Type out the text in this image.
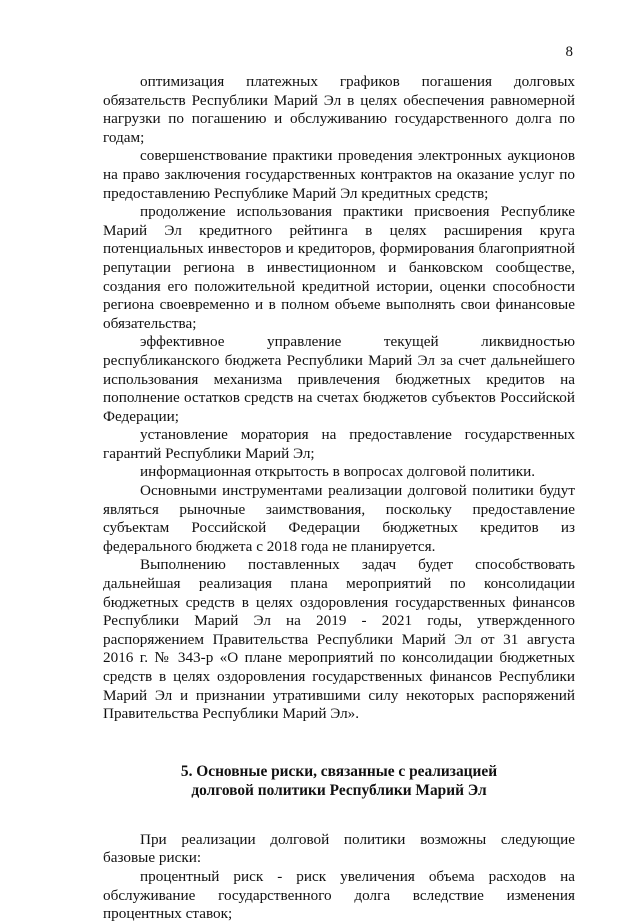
8

оптимизация платежных графиков погашения долговых обязательств Республики Марий Эл в целях обеспечения равномерной нагрузки по погашению и обслуживанию государственного долга по годам;

совершенствование практики проведения электронных аукционов на право заключения государственных контрактов на оказание услуг по предоставлению Республике Марий Эл кредитных средств;

продолжение использования практики присвоения Республике Марий Эл кредитного рейтинга в целях расширения круга потенциальных инвесторов и кредиторов, формирования благоприятной репутации региона в инвестиционном и банковском сообществе, создания его положительной кредитной истории, оценки способности региона своевременно и в полном объеме выполнять свои финансовые обязательства;

эффективное управление текущей ликвидностью республиканского бюджета Республики Марий Эл за счет дальнейшего использования механизма привлечения бюджетных кредитов на пополнение остатков средств на счетах бюджетов субъектов Российской Федерации;

установление моратория на предоставление государственных гарантий Республики Марий Эл;

информационная открытость в вопросах долговой политики.

Основными инструментами реализации долговой политики будут являться рыночные заимствования, поскольку предоставление субъектам Российской Федерации бюджетных кредитов из федерального бюджета с 2018 года не планируется.

Выполнению поставленных задач будет способствовать дальнейшая реализация плана мероприятий по консолидации бюджетных средств в целях оздоровления государственных финансов Республики Марий Эл на 2019 - 2021 годы, утвержденного распоряжением Правительства Республики Марий Эл от 31 августа 2016 г. № 343-р «О плане мероприятий по консолидации бюджетных средств в целях оздоровления государственных финансов Республики Марий Эл и признании утратившими силу некоторых распоряжений Правительства Республики Марий Эл».

5. Основные риски, связанные с реализацией
долговой политики Республики Марий Эл

При реализации долговой политики возможны следующие базовые риски:

процентный риск - риск увеличения объема расходов на обслуживание государственного долга вследствие изменения процентных ставок;
